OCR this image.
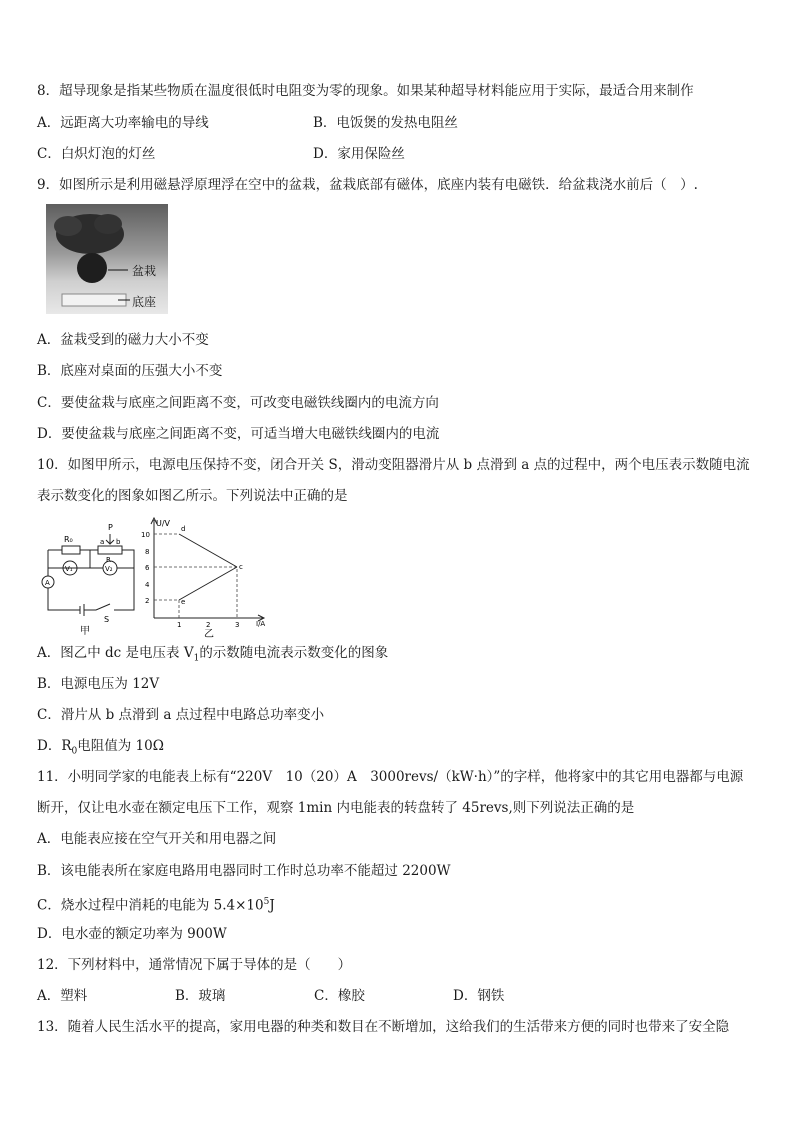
8．超导现象是指某些物质在温度很低时电阻变为零的现象。如果某种超导材料能应用于实际，最适合用来制作
A．远距离大功率输电的导线	B．电饭煲的发热电阻丝
C．白炽灯泡的灯丝	D．家用保险丝
9．如图所示是利用磁悬浮原理浮在空中的盆栽，盆栽底部有磁体，底座内装有电磁铁．给盆栽浇水前后（　）.
盆栽
底座
A．盆栽受到的磁力大小不变
B．底座对桌面的压强大小不变
C．要使盆栽与底座之间距离不变，可改变电磁铁线圈内的电流方向
D．要使盆栽与底座之间距离不变，可适当增大电磁铁线圈内的电流
10．如图甲所示，电源电压保持不变，闭合开关 S，滑动变阻器滑片从 b 点滑到 a 点的过程中，两个电压表示数随电流
表示数变化的图象如图乙所示。下列说法中正确的是
R₀
P
a b
R
V₁	V₂
A
S
甲
U/V
I/A
10
8
6
4
2
1	2	3
d
c
e
乙
A．图乙中 dc 是电压表 $V_1$的示数随电流表示数变化的图象
B．电源电压为 12V
C．滑片从 b 点滑到 a 点过程中电路总功率变小
D．$R_0$电阻值为 10Ω
11．小明同学家的电能表上标有“220V　10（20）A　3000revs/（kW·h）”的字样，他将家中的其它用电器都与电源
断开，仅让电水壶在额定电压下工作，观察 1min 内电能表的转盘转了 45revs,则下列说法正确的是
A．电能表应接在空气开关和用电器之间
B．该电能表所在家庭电路用电器同时工作时总功率不能超过 2200W
C．烧水过程中消耗的电能为 $5.4\times 10^5J$
D．电水壶的额定功率为 900W
12．下列材料中，通常情况下属于导体的是（　　）
A．塑料	B．玻璃	C．橡胶	D．钢铁
13．随着人民生活水平的提高，家用电器的种类和数目在不断增加，这给我们的生活带来方便的同时也带来了安全隐
